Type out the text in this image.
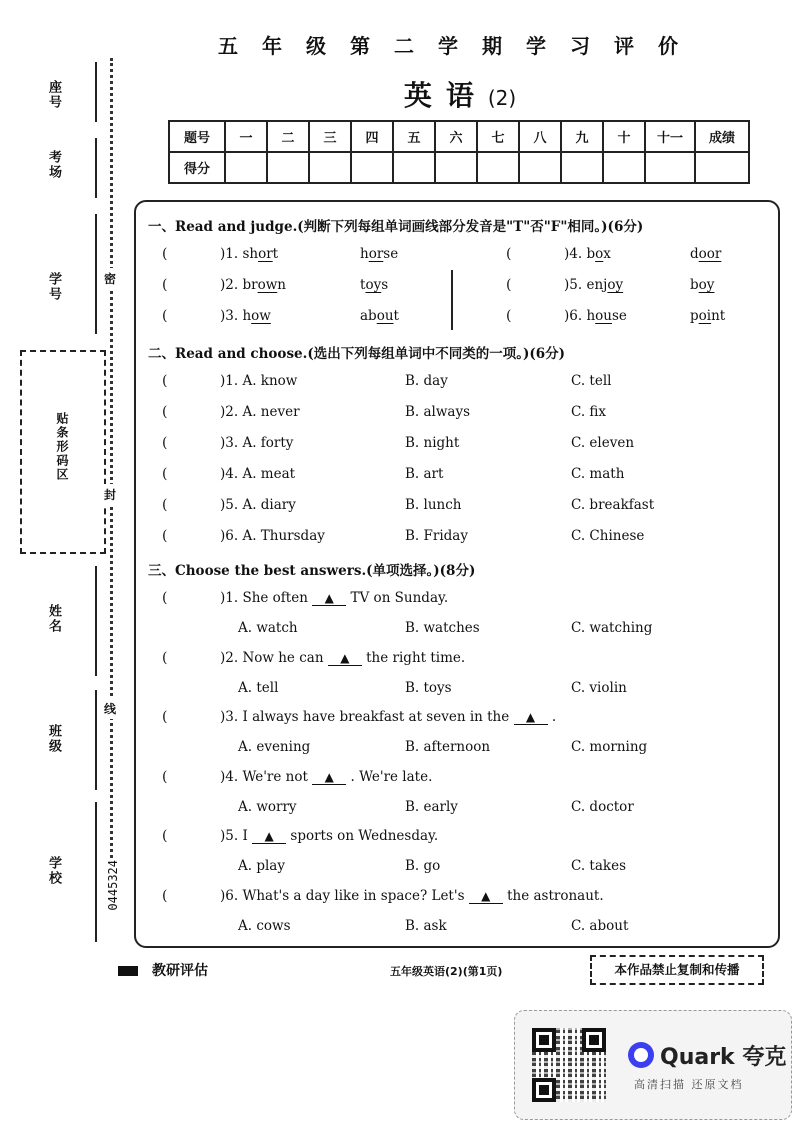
座号
考场
学号
贴条形码区
姓名
班级
学校
密
封
线
0445324
五年级第二学期学习评价
英语(2)
题号	一	二	三	四	五	六	七	八	九	十	十一	成绩
得分												
一、Read and judge.(判断下列每组单词画线部分发音是"T"否"F"相同。)(6分)
(	)1. short	horse
(	)2. brown	toys
(	)3. how	about
(	)4. box	door
(	)5. enjoy	boy
(	)6. house	point
二、Read and choose.(选出下列每组单词中不同类的一项。)(6分)
(	)1. A. know	B. day	C. tell
(	)2. A. never	B. always	C. fix
(	)3. A. forty	B. night	C. eleven
(	)4. A. meat	B. art	C. math
(	)5. A. diary	B. lunch	C. breakfast
(	)6. A. Thursday	B. Friday	C. Chinese
三、Choose the best answers.(单项选择。)(8分)
(	)1. She often ▲ TV on Sunday.
A. watch	B. watches	C. watching
(	)2. Now he can ▲ the right time.
A. tell	B. toys	C. violin
(	)3. I always have breakfast at seven in the ▲ .
A. evening	B. afternoon	C. morning
(	)4. We're not ▲ . We're late.
A. worry	B. early	C. doctor
(	)5. I ▲ sports on Wednesday.
A. play	B. go	C. takes
(	)6. What's a day like in space? Let's ▲ the astronaut.
A. cows	B. ask	C. about
教研评估	五年级英语(2)(第1页)	本作品禁止复制和传播
Quark 夸克
高清扫描 还原文档
